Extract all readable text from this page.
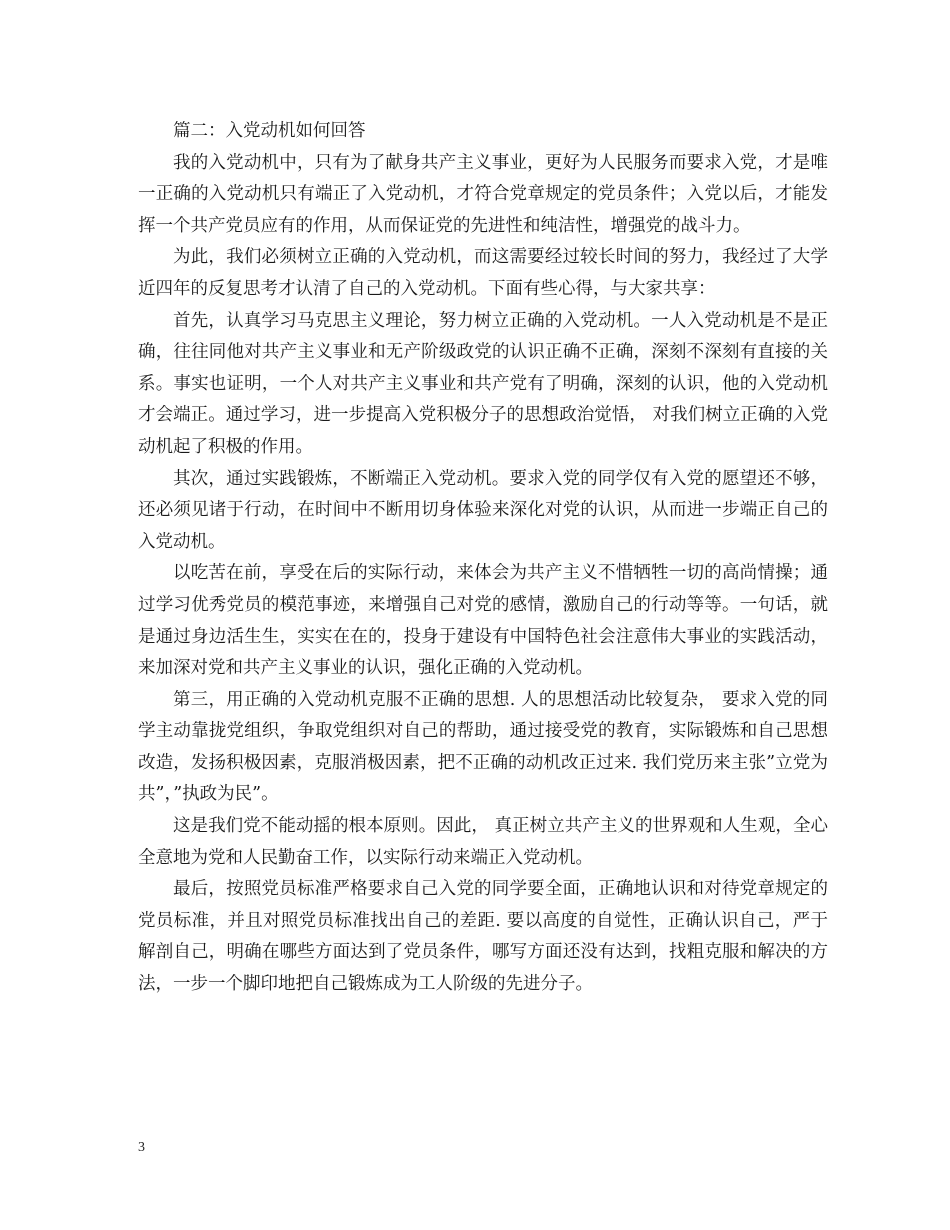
篇二：入党动机如何回答

我的入党动机中，只有为了献身共产主义事业，更好为人民服务而要求入党，才是唯一正确的入党动机只有端正了入党动机，才符合党章规定的党员条件；入党以后，才能发挥一个共产党员应有的作用，从而保证党的先进性和纯洁性，增强党的战斗力。

为此，我们必须树立正确的入党动机，而这需要经过较长时间的努力，我经过了大学近四年的反复思考才认清了自己的入党动机。下面有些心得，与大家共享：

首先，认真学习马克思主义理论，努力树立正确的入党动机。一人入党动机是不是正确，往往同他对共产主义事业和无产阶级政党的认识正确不正确，深刻不深刻有直接的关系。事实也证明，一个人对共产主义事业和共产党有了明确，深刻的认识，他的入党动机才会端正。通过学习，进一步提高入党积极分子的思想政治觉悟， 对我们树立正确的入党动机起了积极的作用。

其次，通过实践锻炼，不断端正入党动机。要求入党的同学仅有入党的愿望还不够，还必须见诸于行动，在时间中不断用切身体验来深化对党的认识，从而进一步端正自己的入党动机。

以吃苦在前，享受在后的实际行动，来体会为共产主义不惜牺牲一切的高尚情操；通过学习优秀党员的模范事迹，来增强自己对党的感情，激励自己的行动等等。一句话，就是通过身边活生生，实实在在的，投身于建设有中国特色社会注意伟大事业的实践活动，来加深对党和共产主义事业的认识，强化正确的入党动机。

第三，用正确的入党动机克服不正确的思想. 人的思想活动比较复杂， 要求入党的同学主动靠拢党组织，争取党组织对自己的帮助，通过接受党的教育，实际锻炼和自己思想改造，发扬积极因素，克服消极因素，把不正确的动机改正过来. 我们党历来主张”立党为共”，”执政为民”。

这是我们党不能动摇的根本原则。因此， 真正树立共产主义的世界观和人生观，全心全意地为党和人民勤奋工作，以实际行动来端正入党动机。

最后，按照党员标准严格要求自己入党的同学要全面，正确地认识和对待党章规定的党员标准，并且对照党员标准找出自己的差距. 要以高度的自觉性，正确认识自己，严于解剖自己，明确在哪些方面达到了党员条件，哪写方面还没有达到，找粗克服和解决的方法，一步一个脚印地把自己锻炼成为工人阶级的先进分子。

3
